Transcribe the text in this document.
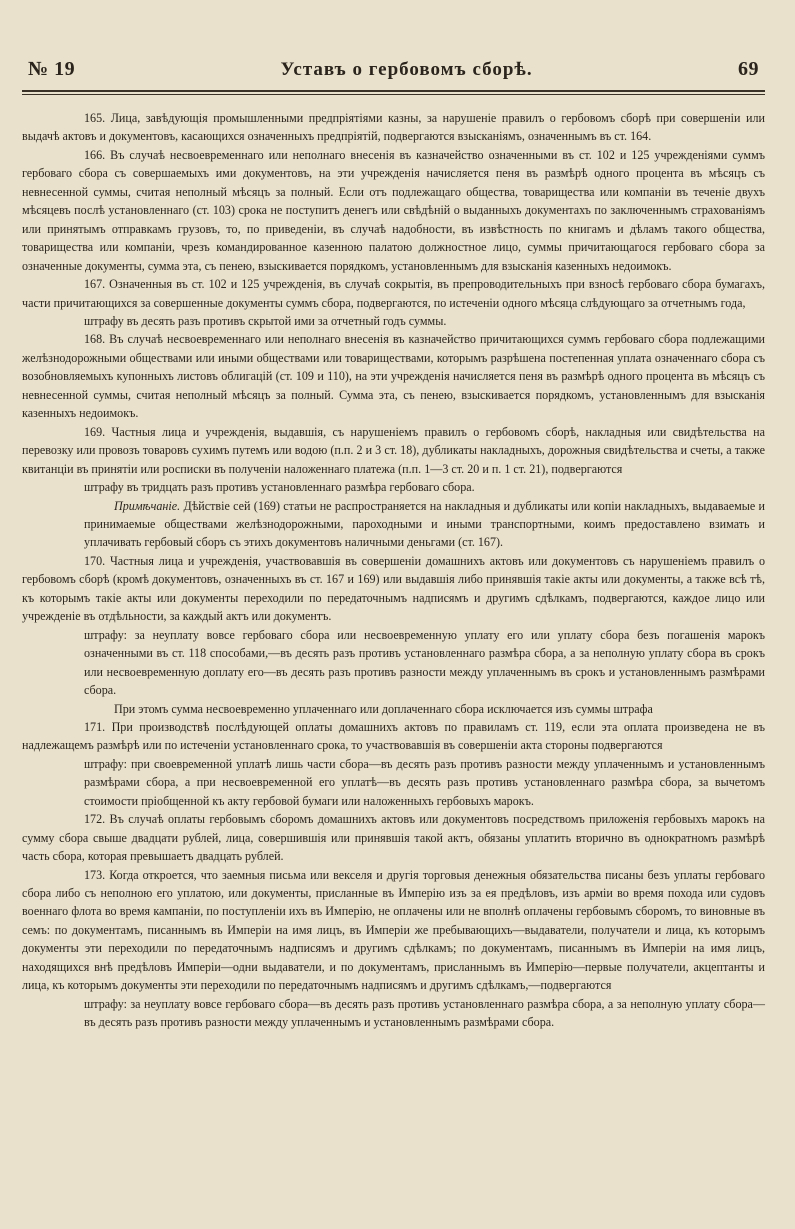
№ 19	Уставъ о гербовомъ сборѣ.	69

165. Лица, завѣдующія промышленными предпріятіями казны, за нарушеніе правилъ о гербовомъ сборѣ при совершеніи или выдачѣ актовъ и документовъ, касающихся означенныхъ предпріятій, подвергаются взысканіямъ, означеннымъ въ ст. 164.

166. Въ случаѣ несвоевременнаго или неполнаго внесенія въ казначейство означенными въ ст. 102 и 125 учрежденіями суммъ гербоваго сбора съ совершаемыхъ ими документовъ, на эти учрежденія начисляется пеня въ размѣрѣ одного процента въ мѣсяцъ съ невнесенной суммы, считая неполный мѣсяцъ за полный. Если отъ подлежащаго общества, товарищества или компаніи въ теченіе двухъ мѣсяцевъ послѣ установленнаго (ст. 103) срока не поступитъ денегъ или свѣдѣній о выданныхъ документахъ по заключеннымъ страхованіямъ или принятымъ отправкамъ грузовъ, то, по приведеніи, въ случаѣ надобности, въ извѣстность по книгамъ и дѣламъ такого общества, товарищества или компаніи, чрезъ командированное казенною палатою должностное лицо, суммы причитающагося гербоваго сбора за означенные документы, сумма эта, съ пенею, взыскивается порядкомъ, установленнымъ для взысканія казенныхъ недоимокъ.

167. Означенныя въ ст. 102 и 125 учрежденія, въ случаѣ сокрытія, въ препроводительныхъ при взносѣ гербоваго сбора бумагахъ, части причитающихся за совершенные документы суммъ сбора, подвергаются, по истеченіи одного мѣсяца слѣдующаго за отчетнымъ года,

штрафу въ десять разъ противъ скрытой ими за отчетный годъ суммы.

168. Въ случаѣ несвоевременнаго или неполнаго внесенія въ казначейство причитающихся суммъ гербоваго сбора подлежащими желѣзнодорожными обществами или иными обществами или товариществами, которымъ разрѣшена постепенная уплата означеннаго сбора съ возобновляемыхъ купонныхъ листовъ облигацій (ст. 109 и 110), на эти учрежденія начисляется пеня въ размѣрѣ одного процента въ мѣсяцъ съ невнесенной суммы, считая неполный мѣсяцъ за полный. Сумма эта, съ пенею, взыскивается порядкомъ, установленнымъ для взысканія казенныхъ недоимокъ.

169. Частныя лица и учрежденія, выдавшія, съ нарушеніемъ правилъ о гербовомъ сборѣ, накладныя или свидѣтельства на перевозку или провозъ товаровъ сухимъ путемъ или водою (п.п. 2 и 3 ст. 18), дубликаты накладныхъ, дорожныя свидѣтельства и счеты, а также квитанціи въ принятіи или росписки въ полученіи наложеннаго платежа (п.п. 1—3 ст. 20 и п. 1 ст. 21), подвергаются

штрафу въ тридцать разъ противъ установленнаго размѣра гербоваго сбора.

Примѣчаніе. Дѣйствіе сей (169) статьи не распространяется на накладныя и дубликаты или копіи накладныхъ, выдаваемые и принимаемые обществами желѣзнодорожными, пароходными и иными транспортными, коимъ предоставлено взимать и уплачивать гербовый сборъ съ этихъ документовъ наличными деньгами (ст. 167).

170. Частныя лица и учрежденія, участвовавшія въ совершеніи домашнихъ актовъ или документовъ съ нарушеніемъ правилъ о гербовомъ сборѣ (кромѣ документовъ, означенныхъ въ ст. 167 и 169) или выдавшія либо принявшія такіе акты или документы, а также всѣ тѣ, къ которымъ такіе акты или документы переходили по передаточнымъ надписямъ и другимъ сдѣлкамъ, подвергаются, каждое лицо или учрежденіе въ отдѣльности, за каждый актъ или документъ.

штрафу: за неуплату вовсе гербоваго сбора или несвоевременную уплату его или уплату сбора безъ погашенія марокъ означенными въ ст. 118 способами,—въ десять разъ противъ установленнаго размѣра сбора, а за неполную уплату сбора въ срокъ или несвоевременную доплату его—въ десять разъ противъ разности между уплаченнымъ въ срокъ и установленнымъ размѣрами сбора.

При этомъ сумма несвоевременно уплаченнаго или доплаченнаго сбора исключается изъ суммы штрафа

171. При производствѣ послѣдующей оплаты домашнихъ актовъ по правиламъ ст. 119, если эта оплата произведена не въ надлежащемъ размѣрѣ или по истеченіи установленнаго срока, то участвовавшія въ совершеніи акта стороны подвергаются

штрафу: при своевременной уплатѣ лишь части сбора—въ десять разъ противъ разности между уплаченнымъ и установленнымъ размѣрами сбора, а при несвоевременной его уплатѣ—въ десять разъ противъ установленнаго размѣра сбора, за вычетомъ стоимости пріобщенной къ акту гербовой бумаги или наложенныхъ гербовыхъ марокъ.

172. Въ случаѣ оплаты гербовымъ сборомъ домашнихъ актовъ или документовъ посредствомъ приложенія гербовыхъ марокъ на сумму сбора свыше двадцати рублей, лица, совершившія или принявшія такой актъ, обязаны уплатить вторично въ однократномъ размѣрѣ часть сбора, которая превышаетъ двадцать рублей.

173. Когда откроется, что заемныя письма или векселя и другія торговыя денежныя обязательства писаны безъ уплаты гербоваго сбора либо съ неполною его уплатою, или документы, присланные въ Имперію изъ за ея предѣловъ, изъ арміи во время похода или судовъ военнаго флота во время кампаніи, по поступленіи ихъ въ Имперію, не оплачены или не вполнѣ оплачены гербовымъ сборомъ, то виновные въ семъ: по документамъ, писаннымъ въ Имперіи на имя лицъ, въ Имперіи же пребывающихъ—выдаватели, получатели и лица, къ которымъ документы эти переходили по передаточнымъ надписямъ и другимъ сдѣлкамъ; по документамъ, писаннымъ въ Имперіи на имя лицъ, находящихся внѣ предѣловъ Имперіи—одни выдаватели, и по документамъ, присланнымъ въ Имперію—первые получатели, акцептанты и лица, къ которымъ документы эти переходили по передаточнымъ надписямъ и другимъ сдѣлкамъ,—подвергаются

штрафу: за неуплату вовсе гербоваго сбора—въ десять разъ противъ установленнаго размѣра сбора, а за неполную уплату сбора—въ десять разъ противъ разности между уплаченнымъ и установленнымъ размѣрами сбора.
